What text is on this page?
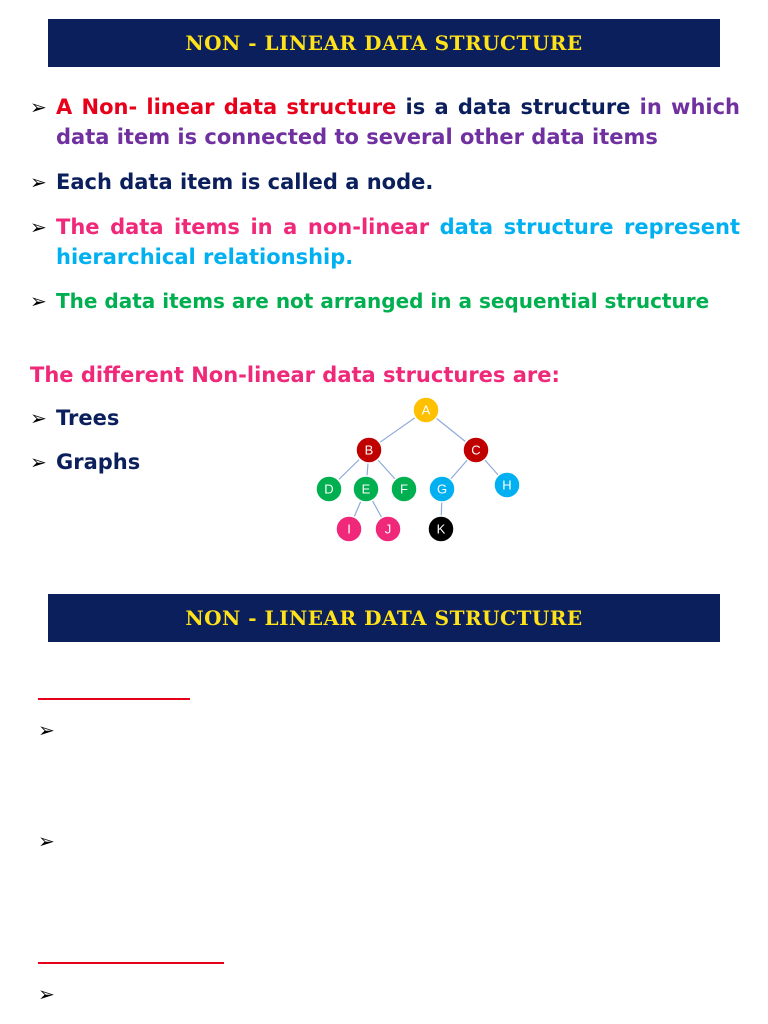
NON - LINEAR DATA STRUCTURE
➢ A Non- linear data structure is a data structure in which data item is connected to several other data items
➢ Each data item is called a node.
➢ The data items in a non-linear data structure represent hierarchical relationship.
➢ The data items are not arranged in a sequential structure
The different Non-linear data structures are:
➢ Trees
➢ Graphs
A
B	C
D E F G	H
I	J	K
NON - LINEAR DATA STRUCTURE
➢
➢
➢
